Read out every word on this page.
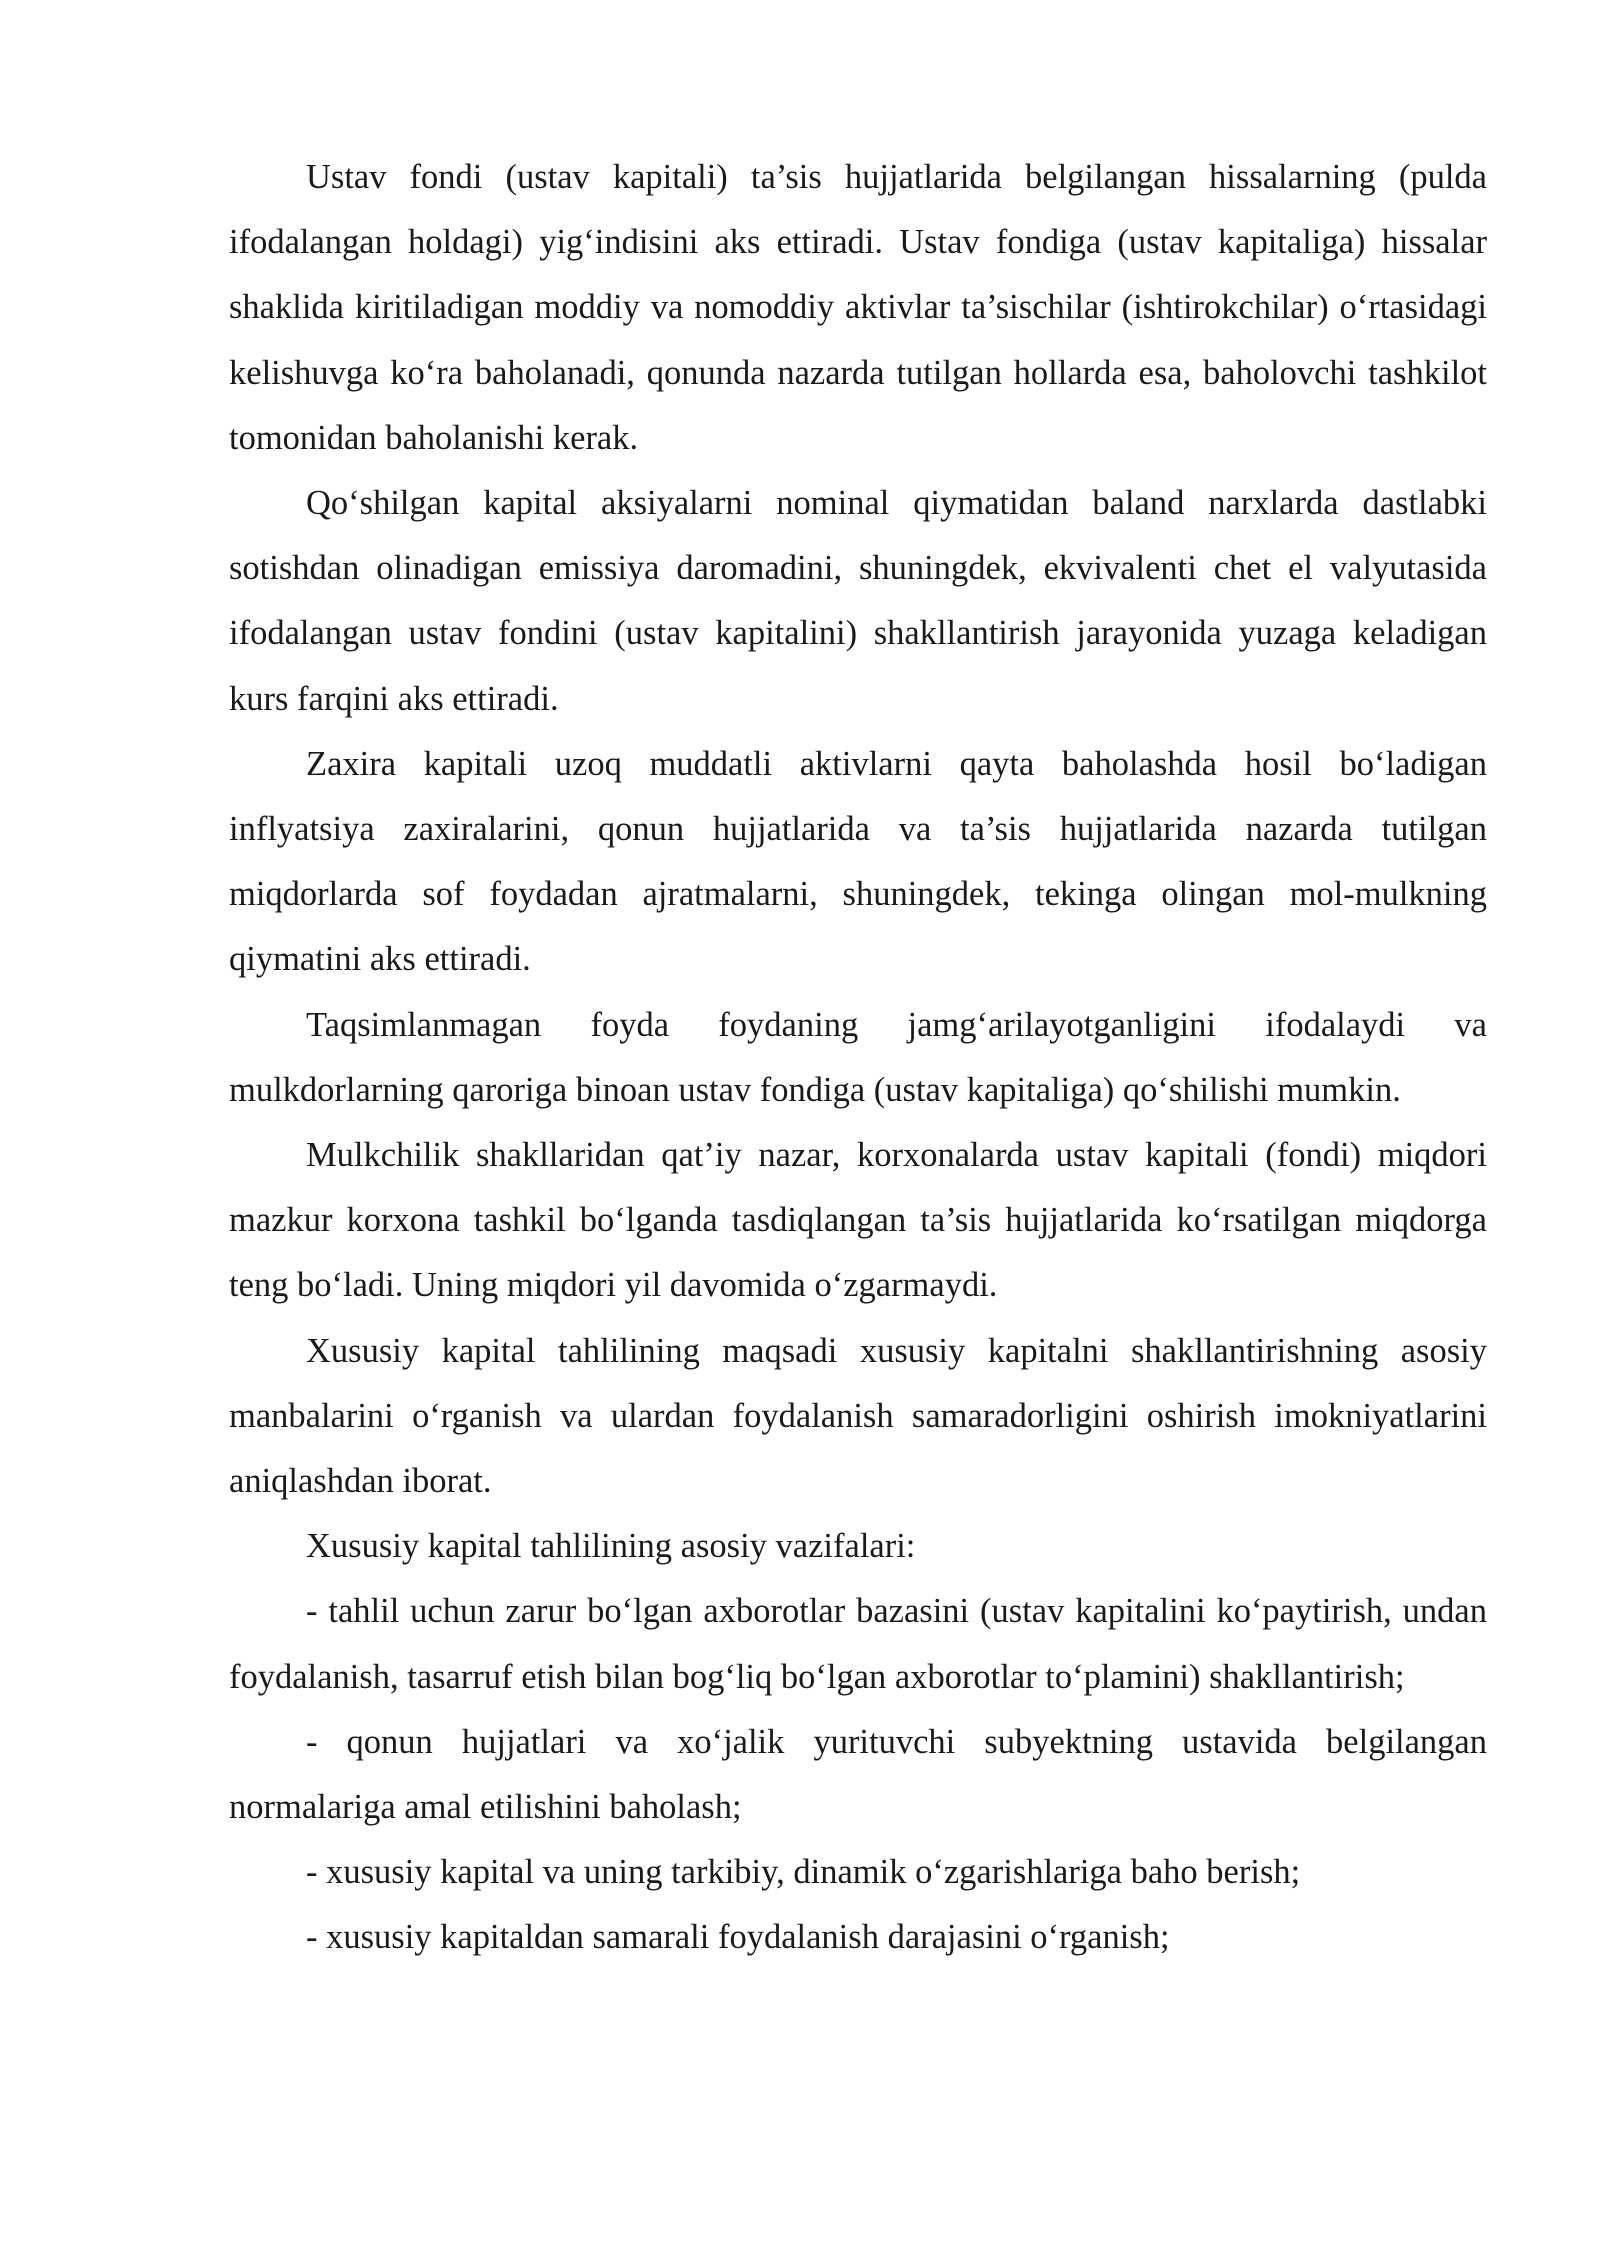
Ustav fondi (ustav kapitali) ta’sis hujjatlarida belgilangan hissalarning (pulda ifodalangan holdagi) yig‘indisini aks ettiradi. Ustav fondiga (ustav kapitaliga) hissalar shaklida kiritiladigan moddiy va nomoddiy aktivlar ta’sischilar (ishtirokchilar) o‘rtasidagi kelishuvga ko‘ra baholanadi, qonunda nazarda tutilgan hollarda esa, baholovchi tashkilot tomonidan baholanishi kerak.

Qo‘shilgan kapital aksiyalarni nominal qiymatidan baland narxlarda dastlabki sotishdan olinadigan emissiya daromadini, shuningdek, ekvivalenti chet el valyutasida ifodalangan ustav fondini (ustav kapitalini) shakllantirish jarayonida yuzaga keladigan kurs farqini aks ettiradi.

Zaxira kapitali uzoq muddatli aktivlarni qayta baholashda hosil bo‘ladigan inflyatsiya zaxiralarini, qonun hujjatlarida va ta’sis hujjatlarida nazarda tutilgan miqdorlarda sof foydadan ajratmalarni, shuningdek, tekinga olingan mol-mulkning qiymatini aks ettiradi.

Taqsimlanmagan foyda foydaning jamg‘arilayotganligini ifodalaydi va mulkdorlarning qaroriga binoan ustav fondiga (ustav kapitaliga) qo‘shilishi mumkin.

Mulkchilik shakllaridan qat’iy nazar, korxonalarda ustav kapitali (fondi) miqdori mazkur korxona tashkil bo‘lganda tasdiqlangan ta’sis hujjatlarida ko‘rsatilgan miqdorga teng bo‘ladi. Uning miqdori yil davomida o‘zgarmaydi.

Xususiy kapital tahlilining maqsadi xususiy kapitalni shakllantirishning asosiy manbalarini o‘rganish va ulardan foydalanish samaradorligini oshirish imokniyatlarini aniqlashdan iborat.

Xususiy kapital tahlilining asosiy vazifalari:

- tahlil uchun zarur bo‘lgan axborotlar bazasini (ustav kapitalini ko‘paytirish, undan foydalanish, tasarruf etish bilan bog‘liq bo‘lgan axborotlar to‘plamini) shakllantirish;

- qonun hujjatlari va xo‘jalik yurituvchi subyektning ustavida belgilangan normalariga amal etilishini baholash;

- xususiy kapital va uning tarkibiy, dinamik o‘zgarishlariga baho berish;

- xususiy kapitaldan samarali foydalanish darajasini o‘rganish;
